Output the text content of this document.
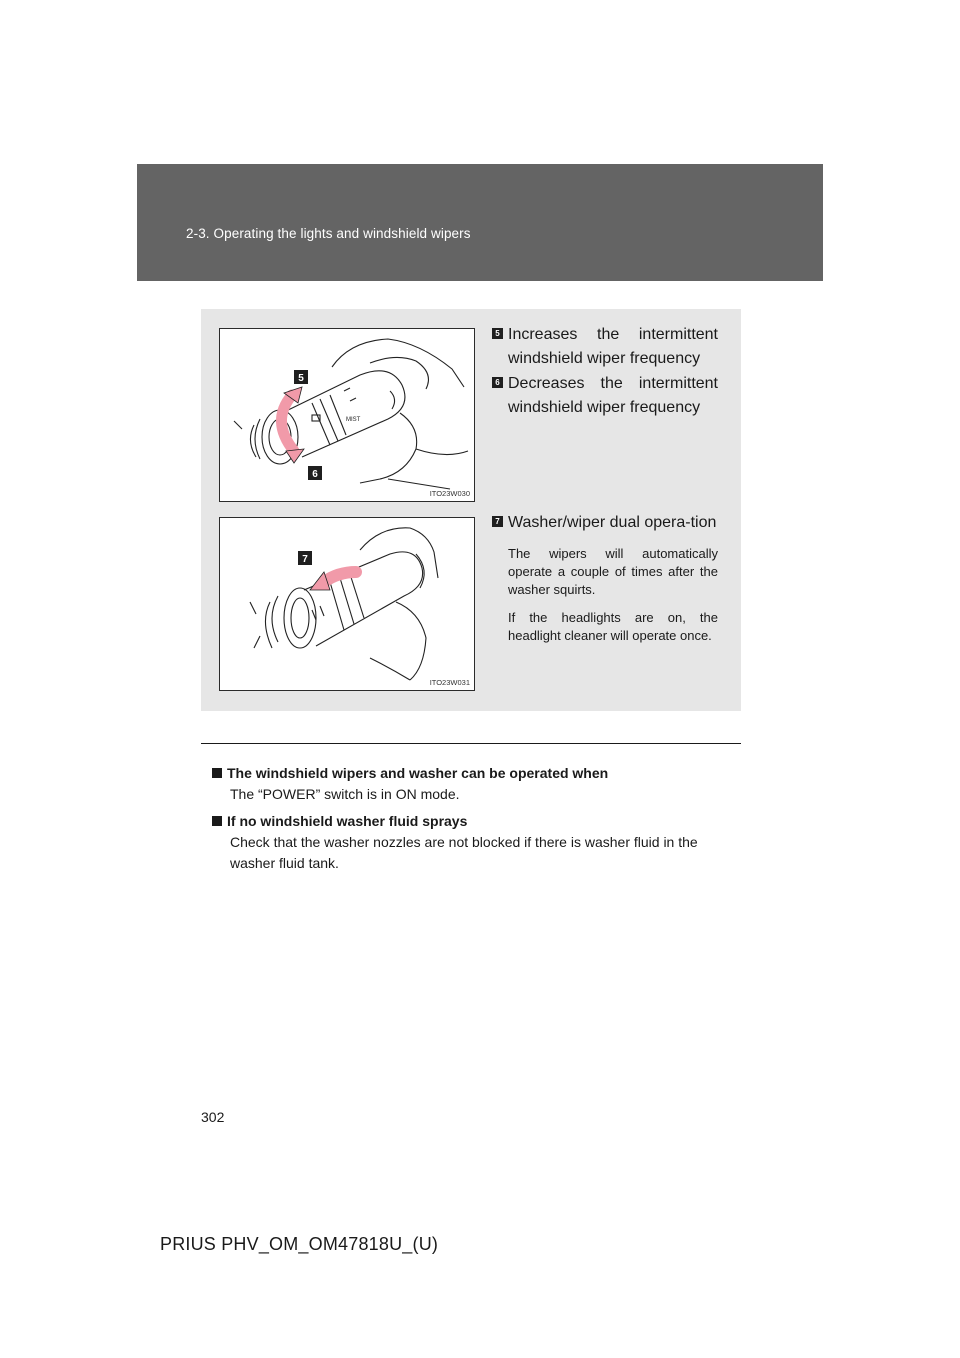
2-3. Operating the lights and windshield wipers
MIST
5
6
ITO23W030
7
ITO23W031
5 Increases the intermittent windshield wiper frequency

6 Decreases the intermittent windshield wiper frequency

7 Washer/wiper dual opera-tion

The wipers will automatically operate a couple of times after the washer squirts.

If the headlights are on, the headlight cleaner will operate once.

The windshield wipers and washer can be operated when

The “POWER” switch is in ON mode.

If no windshield washer fluid sprays

Check that the washer nozzles are not blocked if there is washer fluid in the washer fluid tank.

302
PRIUS PHV_OM_OM47818U_(U)
